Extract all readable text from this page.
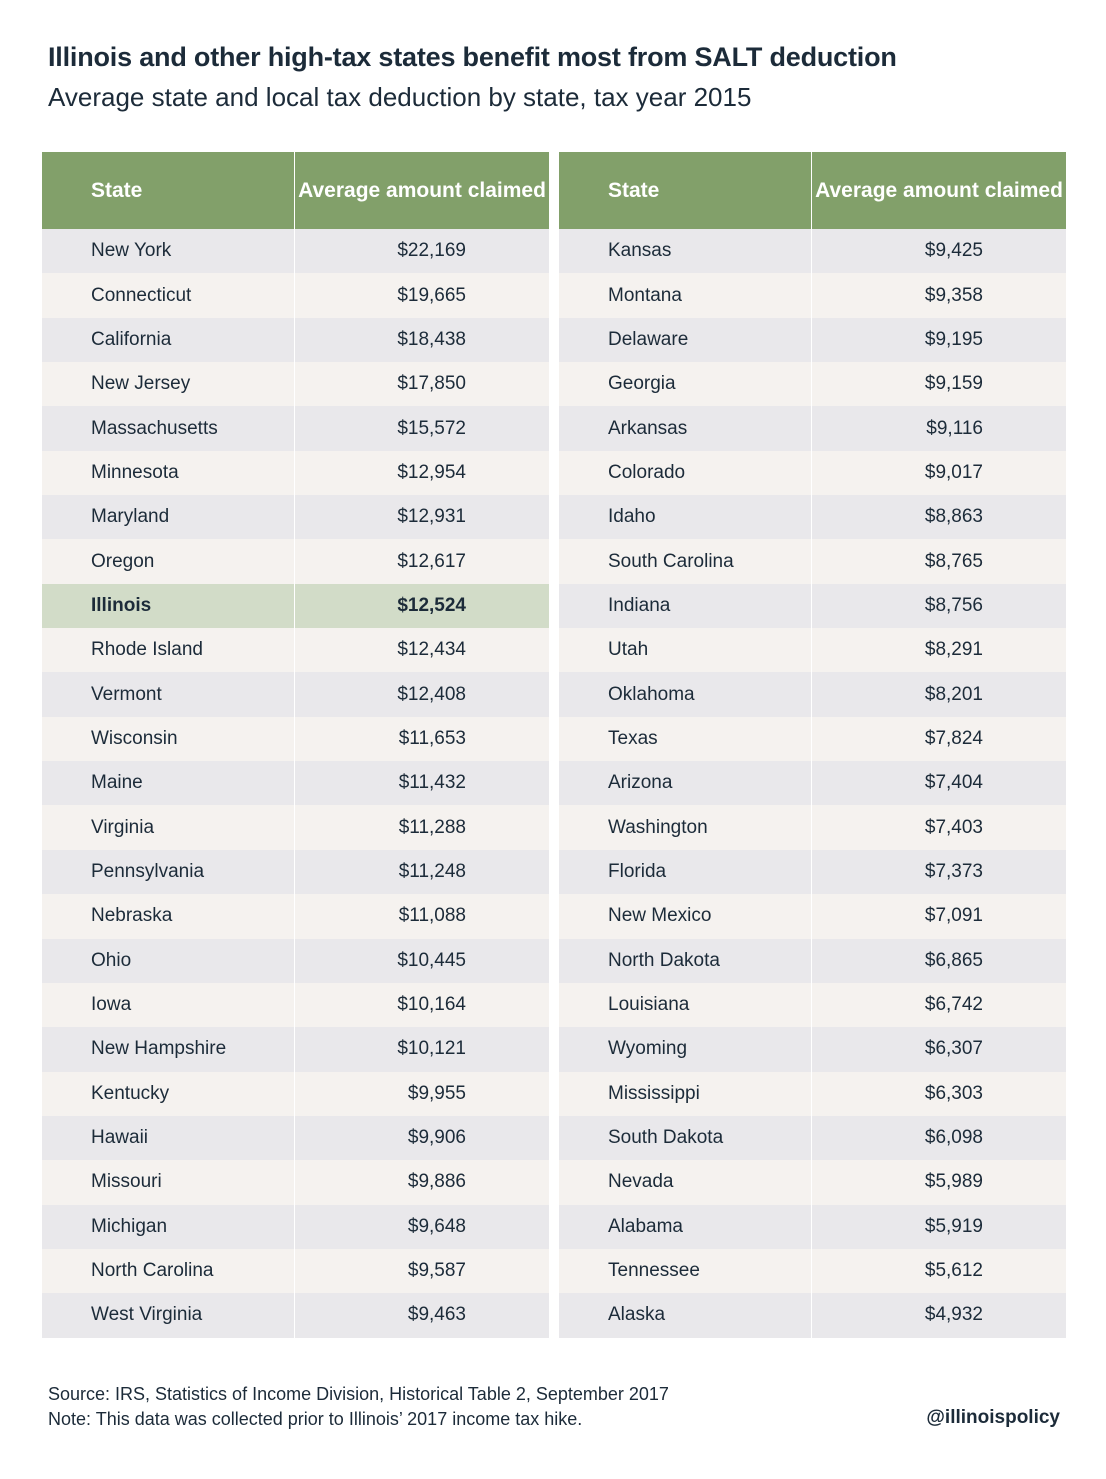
Illinois and other high-tax states benefit most from SALT deduction
Average state and local tax deduction by state, tax year 2015
State	Average amount claimed
New York	$22,169
Connecticut	$19,665
California	$18,438
New Jersey	$17,850
Massachusetts	$15,572
Minnesota	$12,954
Maryland	$12,931
Oregon	$12,617
Illinois	$12,524
Rhode Island	$12,434
Vermont	$12,408
Wisconsin	$11,653
Maine	$11,432
Virginia	$11,288
Pennsylvania	$11,248
Nebraska	$11,088
Ohio	$10,445
Iowa	$10,164
New Hampshire	$10,121
Kentucky	$9,955
Hawaii	$9,906
Missouri	$9,886
Michigan	$9,648
North Carolina	$9,587
West Virginia	$9,463
State	Average amount claimed
Kansas	$9,425
Montana	$9,358
Delaware	$9,195
Georgia	$9,159
Arkansas	$9,116
Colorado	$9,017
Idaho	$8,863
South Carolina	$8,765
Indiana	$8,756
Utah	$8,291
Oklahoma	$8,201
Texas	$7,824
Arizona	$7,404
Washington	$7,403
Florida	$7,373
New Mexico	$7,091
North Dakota	$6,865
Louisiana	$6,742
Wyoming	$6,307
Mississippi	$6,303
South Dakota	$6,098
Nevada	$5,989
Alabama	$5,919
Tennessee	$5,612
Alaska	$4,932
Source: IRS, Statistics of Income Division, Historical Table 2, September 2017
Note: This data was collected prior to Illinois’ 2017 income tax hike.	@illinoispolicy
